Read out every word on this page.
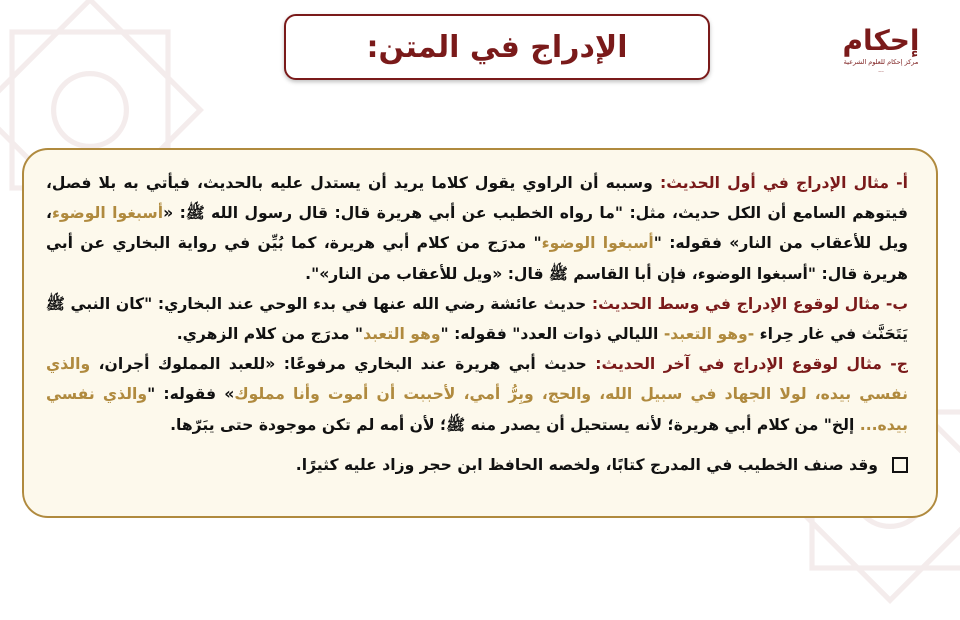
الإدراج في المتن:	إحكام
مركز إحكام للعلوم الشرعية
...

أ- مثال الإدراج في أول الحديث: وسببه أن الراوي يقول كلاما يريد أن يستدل عليه بالحديث، فيأتي به بلا فصل، فيتوهم السامع أن الكل حديث، مثل: "ما رواه الخطيب عن أبي هريرة قال: قال رسول الله ﷺ: «أسبغوا الوضوء، ويل للأعقاب من النار» فقوله: "أسبغوا الوضوء" مدرَج من كلام أبي هريرة، كما بُيِّن في رواية البخاري عن أبي هريرة قال: "أسبغوا الوضوء، فإن أبا القاسم ﷺ قال: «ويل للأعقاب من النار»".

ب- مثال لوقوع الإدراج في وسط الحديث: حديث عائشة رضي الله عنها في بدء الوحي عند البخاري: "كان النبي ﷺ يَتَحَنَّث في غار حِراء -وهو التعبد- الليالي ذوات العدد" فقوله: "وهو التعبد" مدرَج من كلام الزهري.

ج- مثال لوقوع الإدراج في آخر الحديث: حديث أبي هريرة عند البخاري مرفوعًا: «للعبد المملوك أجران، والذي نفسي بيده، لولا الجهاد في سبيل الله، والحج، وبِرُّ أمي، لأحببت أن أموت وأنا مملوك» فقوله: "والذي نفسي بيده... إلخ" من كلام أبي هريرة؛ لأنه يستحيل أن يصدر منه ﷺ؛ لأن أمه لم تكن موجودة حتى يبَرّها.

وقد صنف الخطيب في المدرج كتابًا، ولخصه الحافظ ابن حجر وزاد عليه كثيرًا.
